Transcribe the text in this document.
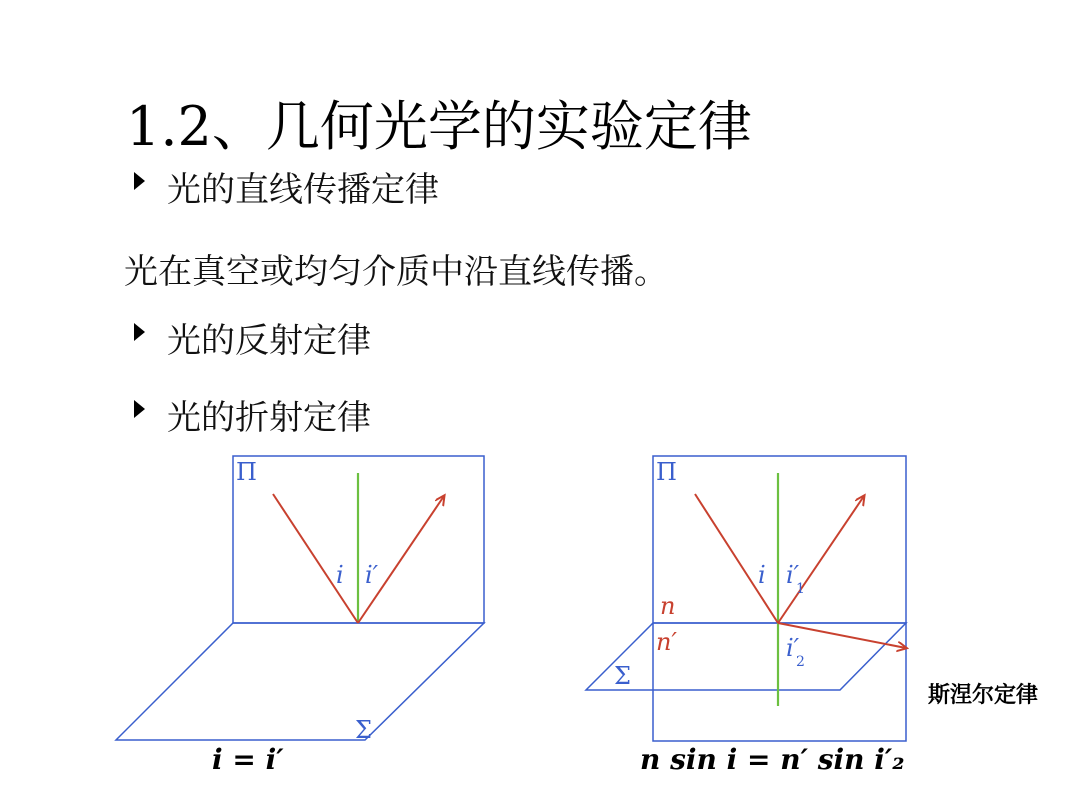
1.2、几何光学的实验定律
光的直线传播定律
光在真空或均匀介质中沿直线传播。
光的反射定律
光的折射定律
Π
Σ
i i′
Π
Σ
i i′
1
i′
2
n
n′
i = i′	n sin i = n′ sin i′₂
斯涅尔定律
